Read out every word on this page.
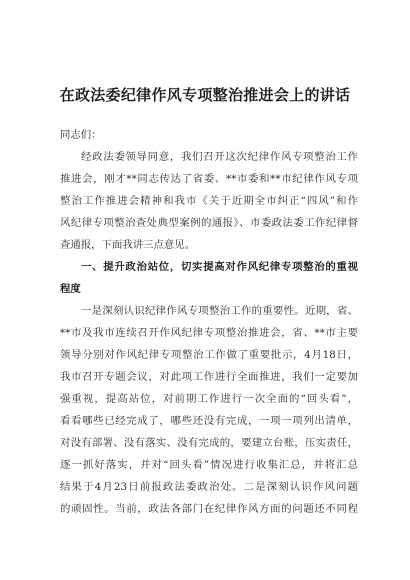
在政法委纪律作风专项整治推进会上的讲话
同志们：
经政法委领导同意，我们召开这次纪律作风专项整治工作
推进会，刚才**同志传达了省委、**市委和**市纪律作风专项
整治工作推进会精神和我市《关于近期全市纠正“四风”和作
风纪律专项整治查处典型案例的通报》、市委政法委工作纪律督
查通报，下面我讲三点意见。
一、提升政治站位，切实提高对作风纪律专项整治的重视
程度
一是深刻认识纪律作风专项整治工作的重要性。近期，省、
**市及我市连续召开作风纪律专项整治推进会，省、**市主要
领导分别对作风纪律专项整治工作做了重要批示，4月18日，
我市召开专题会议，对此项工作进行全面推进，我们一定要加
强重视，提高站位，对前期工作进行一次全面的“回头看”，
看看哪些已经完成了，哪些还没有完成，一项一项列出清单，
对没有部署、没有落实、没有完成的，要建立台账，压实责任，
逐一抓好落实，并对“回头看”情况进行收集汇总，并将汇总
结果于4月23日前报政法委政治处。二是深刻认识作风问题
的顽固性。当前，政法各部门在纪律作风方面的问题还不同程
